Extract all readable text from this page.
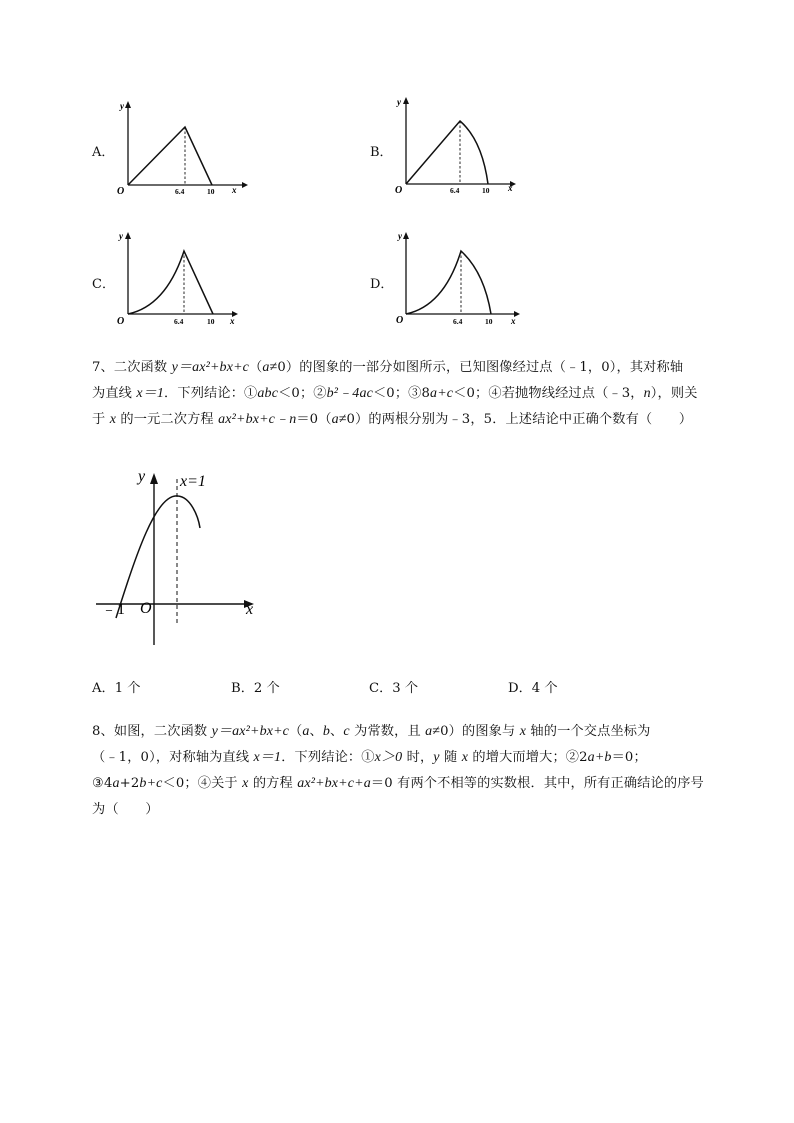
A．	B．
C．	D．
y
x
O	6.4	10
y
x
O	6.4	10
y
x
O	6.4	10
y
x
O	6.4	10
7、二次函数 y＝ax²+bx+c（a≠0）的图象的一部分如图所示，已知图像经过点（﹣1，0），其对称轴
为直线 x＝1．下列结论：①abc＜0；②b²﹣4ac＜0；③8a+c＜0；④若抛物线经过点（﹣3，n），则关
于 x 的一元二次方程 ax²+bx+c﹣n＝0（a≠0）的两根分别为﹣3，5．上述结论中正确个数有（　　）
y
x
x=1
﹣1 O
A．1 个	B．2 个	C．3 个	D．4 个
8、如图，二次函数 y＝ax²+bx+c（a、b、c 为常数，且 a≠0）的图象与 x 轴的一个交点坐标为
（﹣1，0），对称轴为直线 x＝1．下列结论：①x＞0 时，y 随 x 的增大而增大；②2a+b＝0；
③4a+2b+c＜0；④关于 x 的方程 ax²+bx+c+a＝0 有两个不相等的实数根．其中，所有正确结论的序号
为（　　）
